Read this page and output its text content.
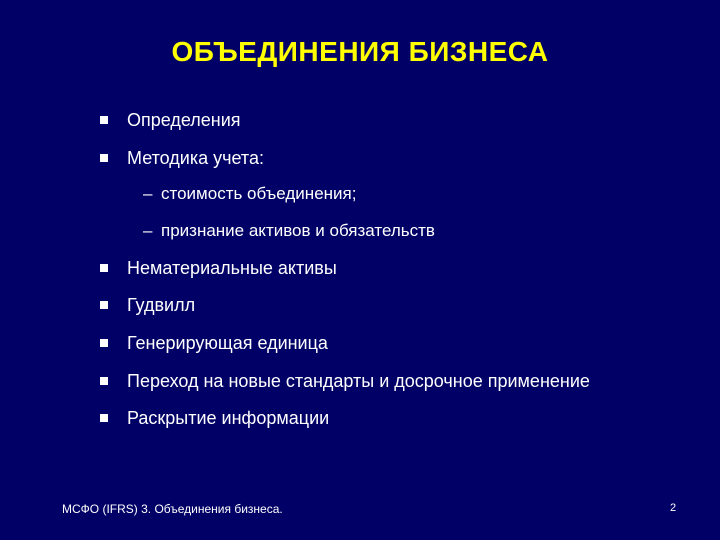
ОБЪЕДИНЕНИЯ БИЗНЕСА
Определения
Методика учета:
– стоимость объединения;
– признание активов и обязательств
Нематериальные активы
Гудвилл
Генерирующая единица
Переход на новые стандарты и досрочное применение
Раскрытие информации
МСФО (IFRS) 3. Объединения бизнеса.	2
